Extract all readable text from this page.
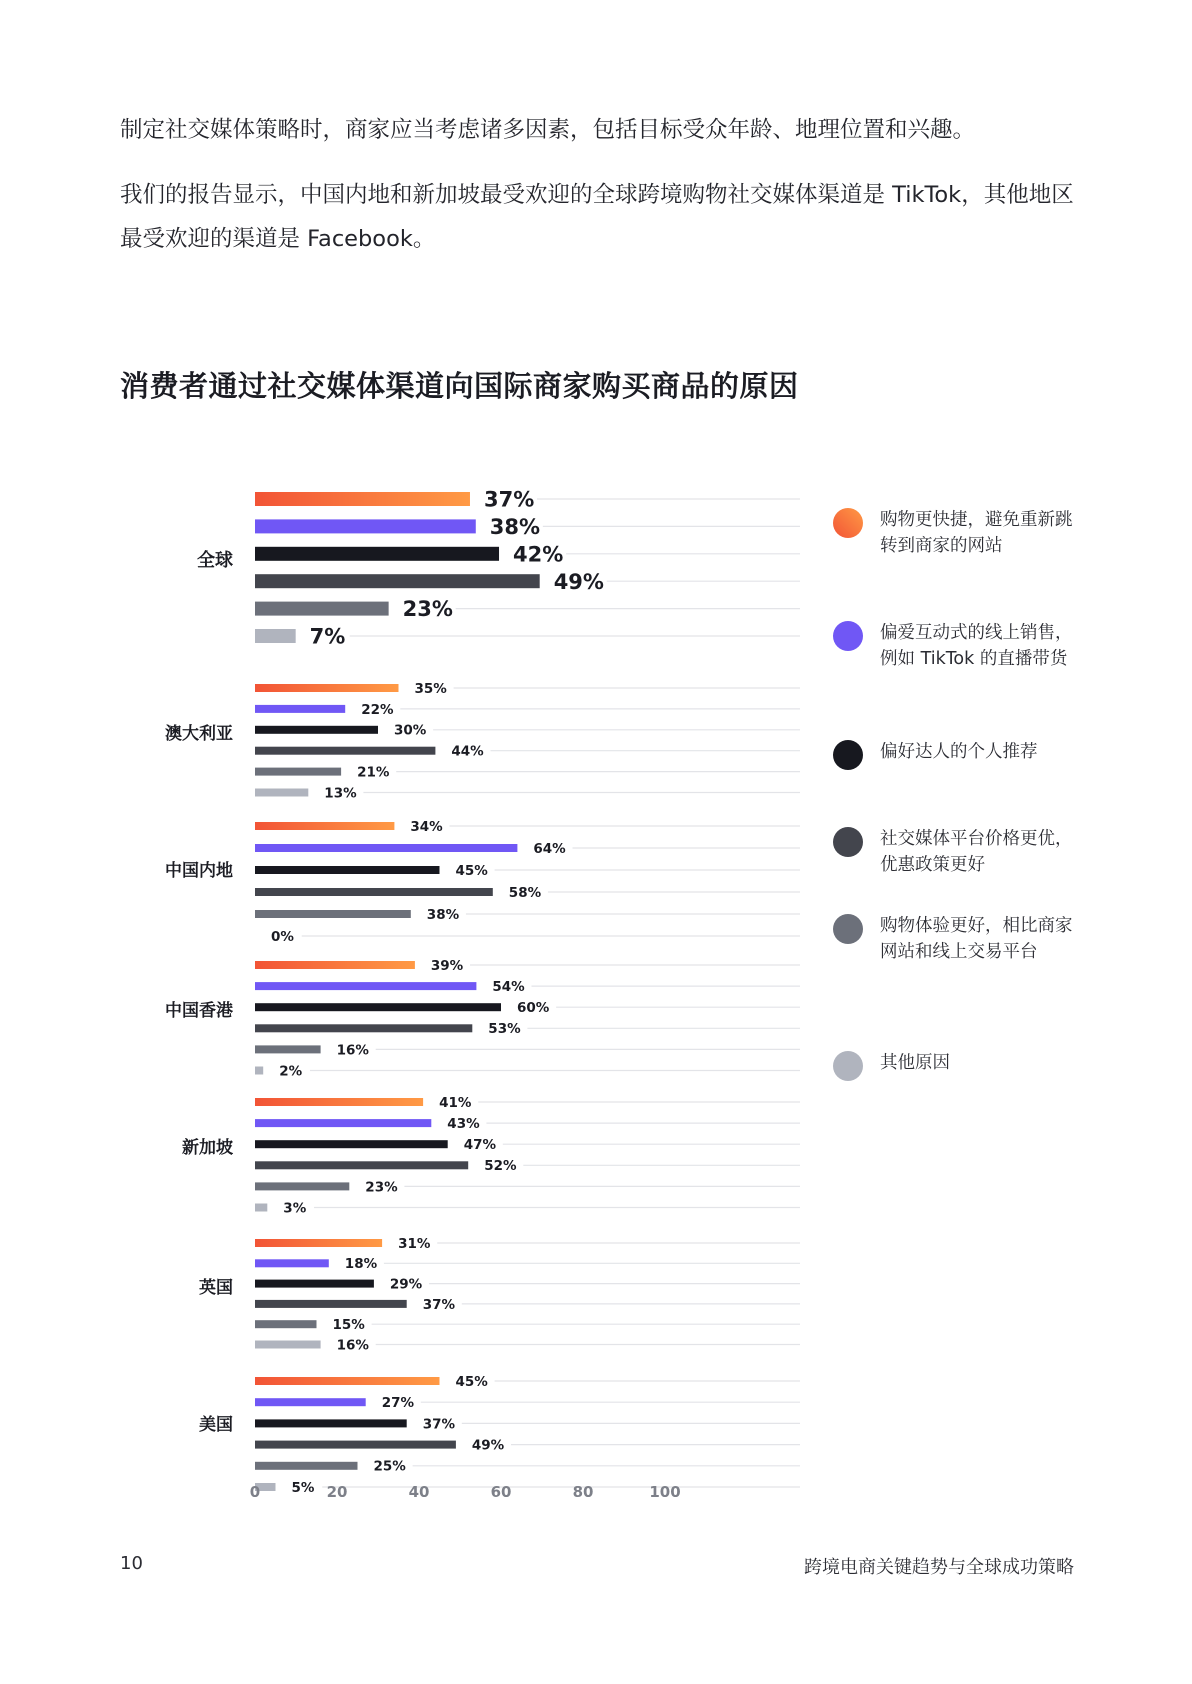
制定社交媒体策略时，商家应当考虑诸多因素，包括目标受众年龄、地理位置和兴趣。

我们的报告显示，中国内地和新加坡最受欢迎的全球跨境购物社交媒体渠道是 TikTok，其他地区最受欢迎的渠道是 Facebook。

消费者通过社交媒体渠道向国际商家购买商品的原因
全球
37%
38%
42%
49%
23%
7%
澳大利亚
35%
22%
30%
44%
21%
13%
中国内地
34%
64%
45%
58%
38%
0%
中国香港
39%
54%
60%
53%
16%
2%
新加坡
41%
43%
47%
52%
23%
3%
英国
31%
18%
29%
37%
15%
16%
美国
45%
27%
37%
49%
25%
5%
0	20	40	60	80	100
购物更快捷，避免重新跳
转到商家的网站
偏爱互动式的线上销售，
例如 TikTok 的直播带货
偏好达人的个人推荐
社交媒体平台价格更优，
优惠政策更好
购物体验更好，相比商家
网站和线上交易平台
其他原因
10	跨境电商关键趋势与全球成功策略
